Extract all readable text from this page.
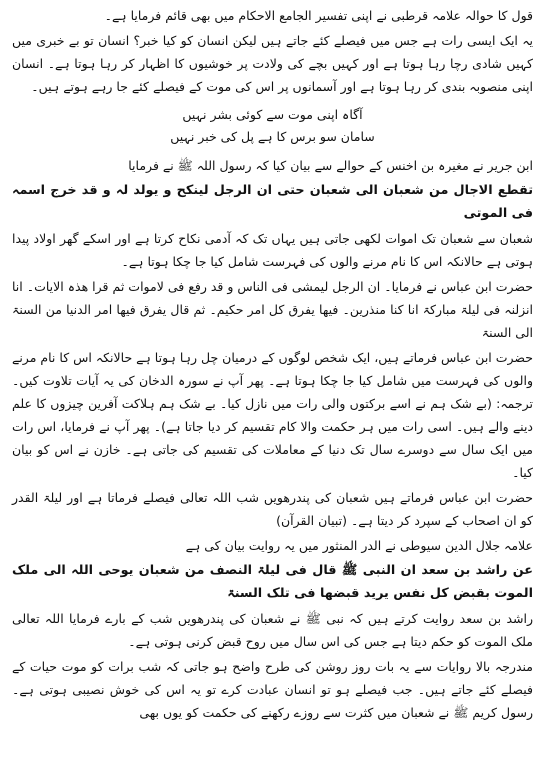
قول کا حوالہ علامہ قرطبی نے اپنی تفسیر الجامع الاحکام میں بھی قائم فرمایا ہے۔

یہ ایک ایسی رات ہے جس میں فیصلے کئے جاتے ہیں لیکن انسان کو کیا خبر؟ انسان تو بے خبری میں کہیں شادی رچا رہا ہوتا ہے اور کہیں بچے کی ولادت پر خوشیوں کا اظہار کر رہا ہوتا ہے۔ انسان اپنی منصوبہ بندی کر رہا ہوتا ہے اور آسمانوں پر اس کی موت کے فیصلے کئے جا رہے ہوتے ہیں۔

آگاہ اپنی موت سے کوئی بشر نہیں

سامان سو برس کا ہے پل کی خبر نہیں

ابن جریر نے مغیرہ بن اخنس کے حوالے سے بیان کیا کہ رسول اللہ ﷺ نے فرمایا

تقطع الاجال من شعبان الی شعبان حتی ان الرجل لینکح و یولد لہ و قد خرج اسمہ فی الموتی

شعبان سے شعبان تک اموات لکھی جاتی ہیں یہاں تک کہ آدمی نکاح کرتا ہے اور اسکے گھر اولاد پیدا ہوتی ہے حالانکہ اس کا نام مرنے والوں کی فہرست شامل کیا جا چکا ہوتا ہے۔

حضرت ابن عباس نے فرمایا۔ ان الرجل لیمشی فی الناس و قد رفع فی لاموات ثم قرا ھذہ الایات۔ انا انزلنہ فی لیلۃ مبارکۃ انا کنا منذرین۔ فیھا یفرق کل امر حکیم۔ ثم قال یفرق فیھا امر الدنیا من السنۃ الی السنۃ

حضرت ابن عباس فرماتے ہیں، ایک شخص لوگوں کے درمیان چل رہا ہوتا ہے حالانکہ اس کا نام مرنے والوں کی فہرست میں شامل کیا جا چکا ہوتا ہے۔ پھر آپ نے سورہ الدخان کی یہ آیات تلاوت کیں۔ ترجمہ: (بے شک ہم نے اسے برکتوں والی رات میں نازل کیا۔ بے شک ہم ہلاکت آفرین چیزوں کا علم دینے والے ہیں۔ اسی رات میں ہر حکمت والا کام تقسیم کر دیا جاتا ہے)۔ پھر آپ نے فرمایا، اس رات میں ایک سال سے دوسرے سال تک دنیا کے معاملات کی تقسیم کی جاتی ہے۔ خازن نے اس کو بیان کیا۔

حضرت ابن عباس فرماتے ہیں شعبان کی پندرھویں شب اللہ تعالی فیصلے فرماتا ہے اور لیلۃ القدر کو ان اصحاب کے سپرد کر دیتا ہے۔ (تبیان القرآن)

علامہ جلال الدین سیوطی نے الدر المنثور میں یہ روایت بیان کی ہے

عن راشد بن سعد ان النبی ﷺ قال فی لیلۃ النصف من شعبان یوحی اللہ الی ملک الموت بقبض کل نفس یرید قبضھا فی تلک السنۃ

راشد بن سعد روایت کرتے ہیں کہ نبی ﷺ نے شعبان کی پندرھویں شب کے بارے فرمایا اللہ تعالی ملک الموت کو حکم دیتا ہے جس کی اس سال میں روح قبض کرنی ہوتی ہے۔

مندرجہ بالا روایات سے یہ بات روز روشن کی طرح واضح ہو جاتی کہ شب برات کو موت حیات کے فیصلے کئے جاتے ہیں۔ جب فیصلے ہو تو انسان عبادت کرے تو یہ اس کی خوش نصیبی ہوتی ہے۔ رسول کریم ﷺ نے شعبان میں کثرت سے روزے رکھنے کی حکمت کو یوں بھی
